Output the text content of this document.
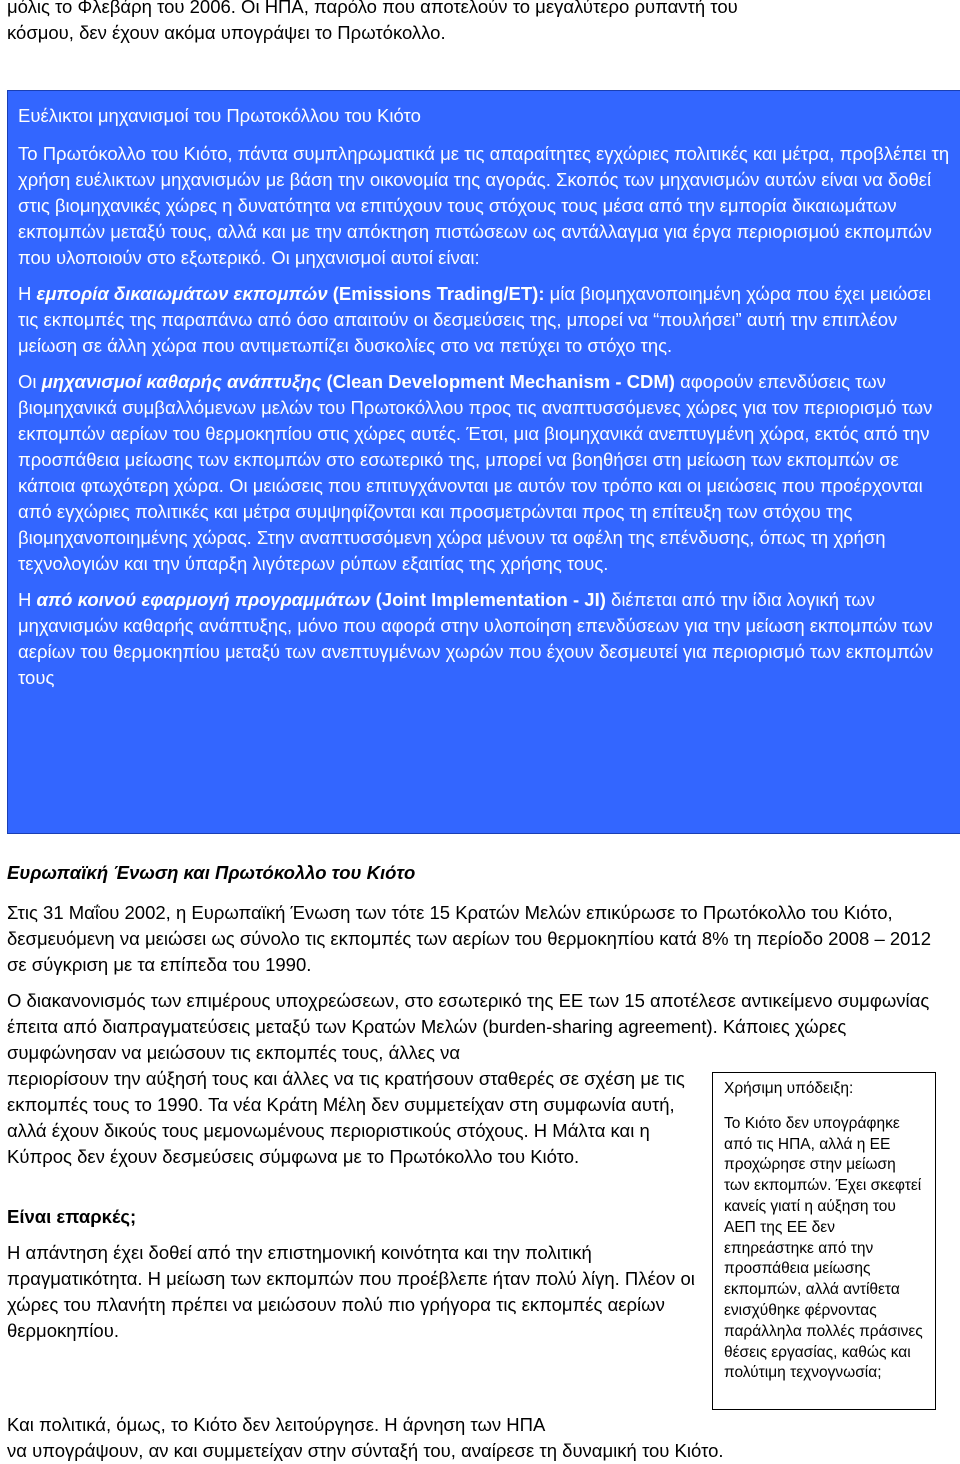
μόλις το Φλεβάρη του 2006. Οι ΗΠΑ, παρόλο που αποτελούν το μεγαλύτερο ρυπαντή του

κόσμου, δεν έχουν ακόμα υπογράψει το Πρωτόκολλο.

Ευέλικτοι μηχανισμοί του Πρωτοκόλλου του Κιότο

Το Πρωτόκολλο του Κιότο, πάντα συμπληρωματικά με τις απαραίτητες εγχώριες πολιτικές και μέτρα, προβλέπει τη χρήση ευέλικτων μηχανισμών με βάση την οικονομία της αγοράς. Σκοπός των μηχανισμών αυτών είναι να δοθεί στις βιομηχανικές χώρες η δυνατότητα να επιτύχουν τους στόχους τους μέσα από την εμπορία δικαιωμάτων εκπομπών μεταξύ τους, αλλά και με την απόκτηση πιστώσεων ως αντάλλαγμα για έργα περιορισμού εκπομπών που υλοποιούν στο εξωτερικό. Οι μηχανισμοί αυτοί είναι:

Η εμπορία δικαιωμάτων εκπομπών (Emissions Trading/ET): μία βιομηχανοποιημένη χώρα που έχει μειώσει τις εκπομπές της παραπάνω από όσο απαιτούν οι δεσμεύσεις της, μπορεί να “πουλήσει” αυτή την επιπλέον μείωση σε άλλη χώρα που αντιμετωπίζει δυσκολίες στο να πετύχει το στόχο της.

Οι μηχανισμοί καθαρής ανάπτυξης (Clean Development Mechanism - CDM) αφορούν επενδύσεις των βιομηχανικά συμβαλλόμενων μελών του Πρωτοκόλλου προς τις αναπτυσσόμενες χώρες για τον περιορισμό των εκπομπών αερίων του θερμοκηπίου στις χώρες αυτές. Έτσι, μια βιομηχανικά ανεπτυγμένη χώρα, εκτός από την προσπάθεια μείωσης των εκπομπών στο εσωτερικό της, μπορεί να βοηθήσει στη μείωση των εκπομπών σε κάποια φτωχότερη χώρα. Οι μειώσεις που επιτυγχάνονται με αυτόν τον τρόπο και οι μειώσεις που προέρχονται από εγχώριες πολιτικές και μέτρα συμψηφίζονται και προσμετρώνται προς τη επίτευξη των στόχου της βιομηχανοποιημένης χώρας. Στην αναπτυσσόμενη χώρα μένουν τα οφέλη της επένδυσης, όπως τη χρήση τεχνολογιών και την ύπαρξη λιγότερων ρύπων εξαιτίας της χρήσης τους.

Η από κοινού εφαρμογή προγραμμάτων (Joint Implementation - JI) διέπεται από την ίδια λογική των μηχανισμών καθαρής ανάπτυξης, μόνο που αφορά στην υλοποίηση επενδύσεων για την μείωση εκπομπών των αερίων του θερμοκηπίου μεταξύ των ανεπτυγμένων χωρών που έχουν δεσμευτεί για περιορισμό των εκπομπών τους

Ευρωπαϊκή Ένωση και Πρωτόκολλο του Κιότο

Στις 31 Μαΐου 2002, η Ευρωπαϊκή Ένωση των τότε 15 Κρατών Μελών επικύρωσε το Πρωτόκολλο του Κιότο, δεσμευόμενη να μειώσει ως σύνολο τις εκπομπές των αερίων του θερμοκηπίου κατά 8% τη περίοδο 2008 – 2012 σε σύγκριση με τα επίπεδα του 1990.

Ο διακανονισμός των επιμέρους υποχρεώσεων, στο εσωτερικό της ΕΕ των 15 αποτέλεσε αντικείμενο συμφωνίας έπειτα από διαπραγματεύσεις μεταξύ των Κρατών Μελών (burden-sharing agreement). Κάποιες χώρες συμφώνησαν να μειώσουν τις εκπομπές τους, άλλες να

περιορίσουν την αύξησή τους και άλλες να τις κρατήσουν σταθερές σε σχέση με τις εκπομπές τους το 1990. Τα νέα Κράτη Μέλη δεν συμμετείχαν στη συμφωνία αυτή, αλλά έχουν δικούς τους μεμονωμένους περιοριστικούς στόχους. Η Μάλτα και η Κύπρος δεν έχουν δεσμεύσεις σύμφωνα με το Πρωτόκολλο του Κιότο.

Είναι επαρκές;

Η απάντηση έχει δοθεί από την επιστημονική κοινότητα και την πολιτική πραγματικότητα. Η μείωση των εκπομπών που προέβλεπε ήταν πολύ λίγη. Πλέον οι χώρες του πλανήτη πρέπει να μειώσουν πολύ πιο γρήγορα τις εκπομπές αερίων θερμοκηπίου.

Χρήσιμη υπόδειξη:

Το Κιότο δεν υπογράφηκε από τις ΗΠΑ, αλλά η ΕΕ προχώρησε στην μείωση των εκπομπών. Έχει σκεφτεί κανείς γιατί η αύξηση του ΑΕΠ της ΕΕ δεν επηρεάστηκε από την προσπάθεια μείωσης εκπομπών, αλλά αντίθετα ενισχύθηκε φέρνοντας παράλληλα πολλές πράσινες θέσεις εργασίας, καθώς και πολύτιμη τεχνογνωσία;

Και πολιτικά, όμως, το Κιότο δεν λειτούργησε. Η άρνηση των ΗΠΑ

να υπογράψουν, αν και συμμετείχαν στην σύνταξή του, αναίρεσε τη δυναμική του Κιότο.
